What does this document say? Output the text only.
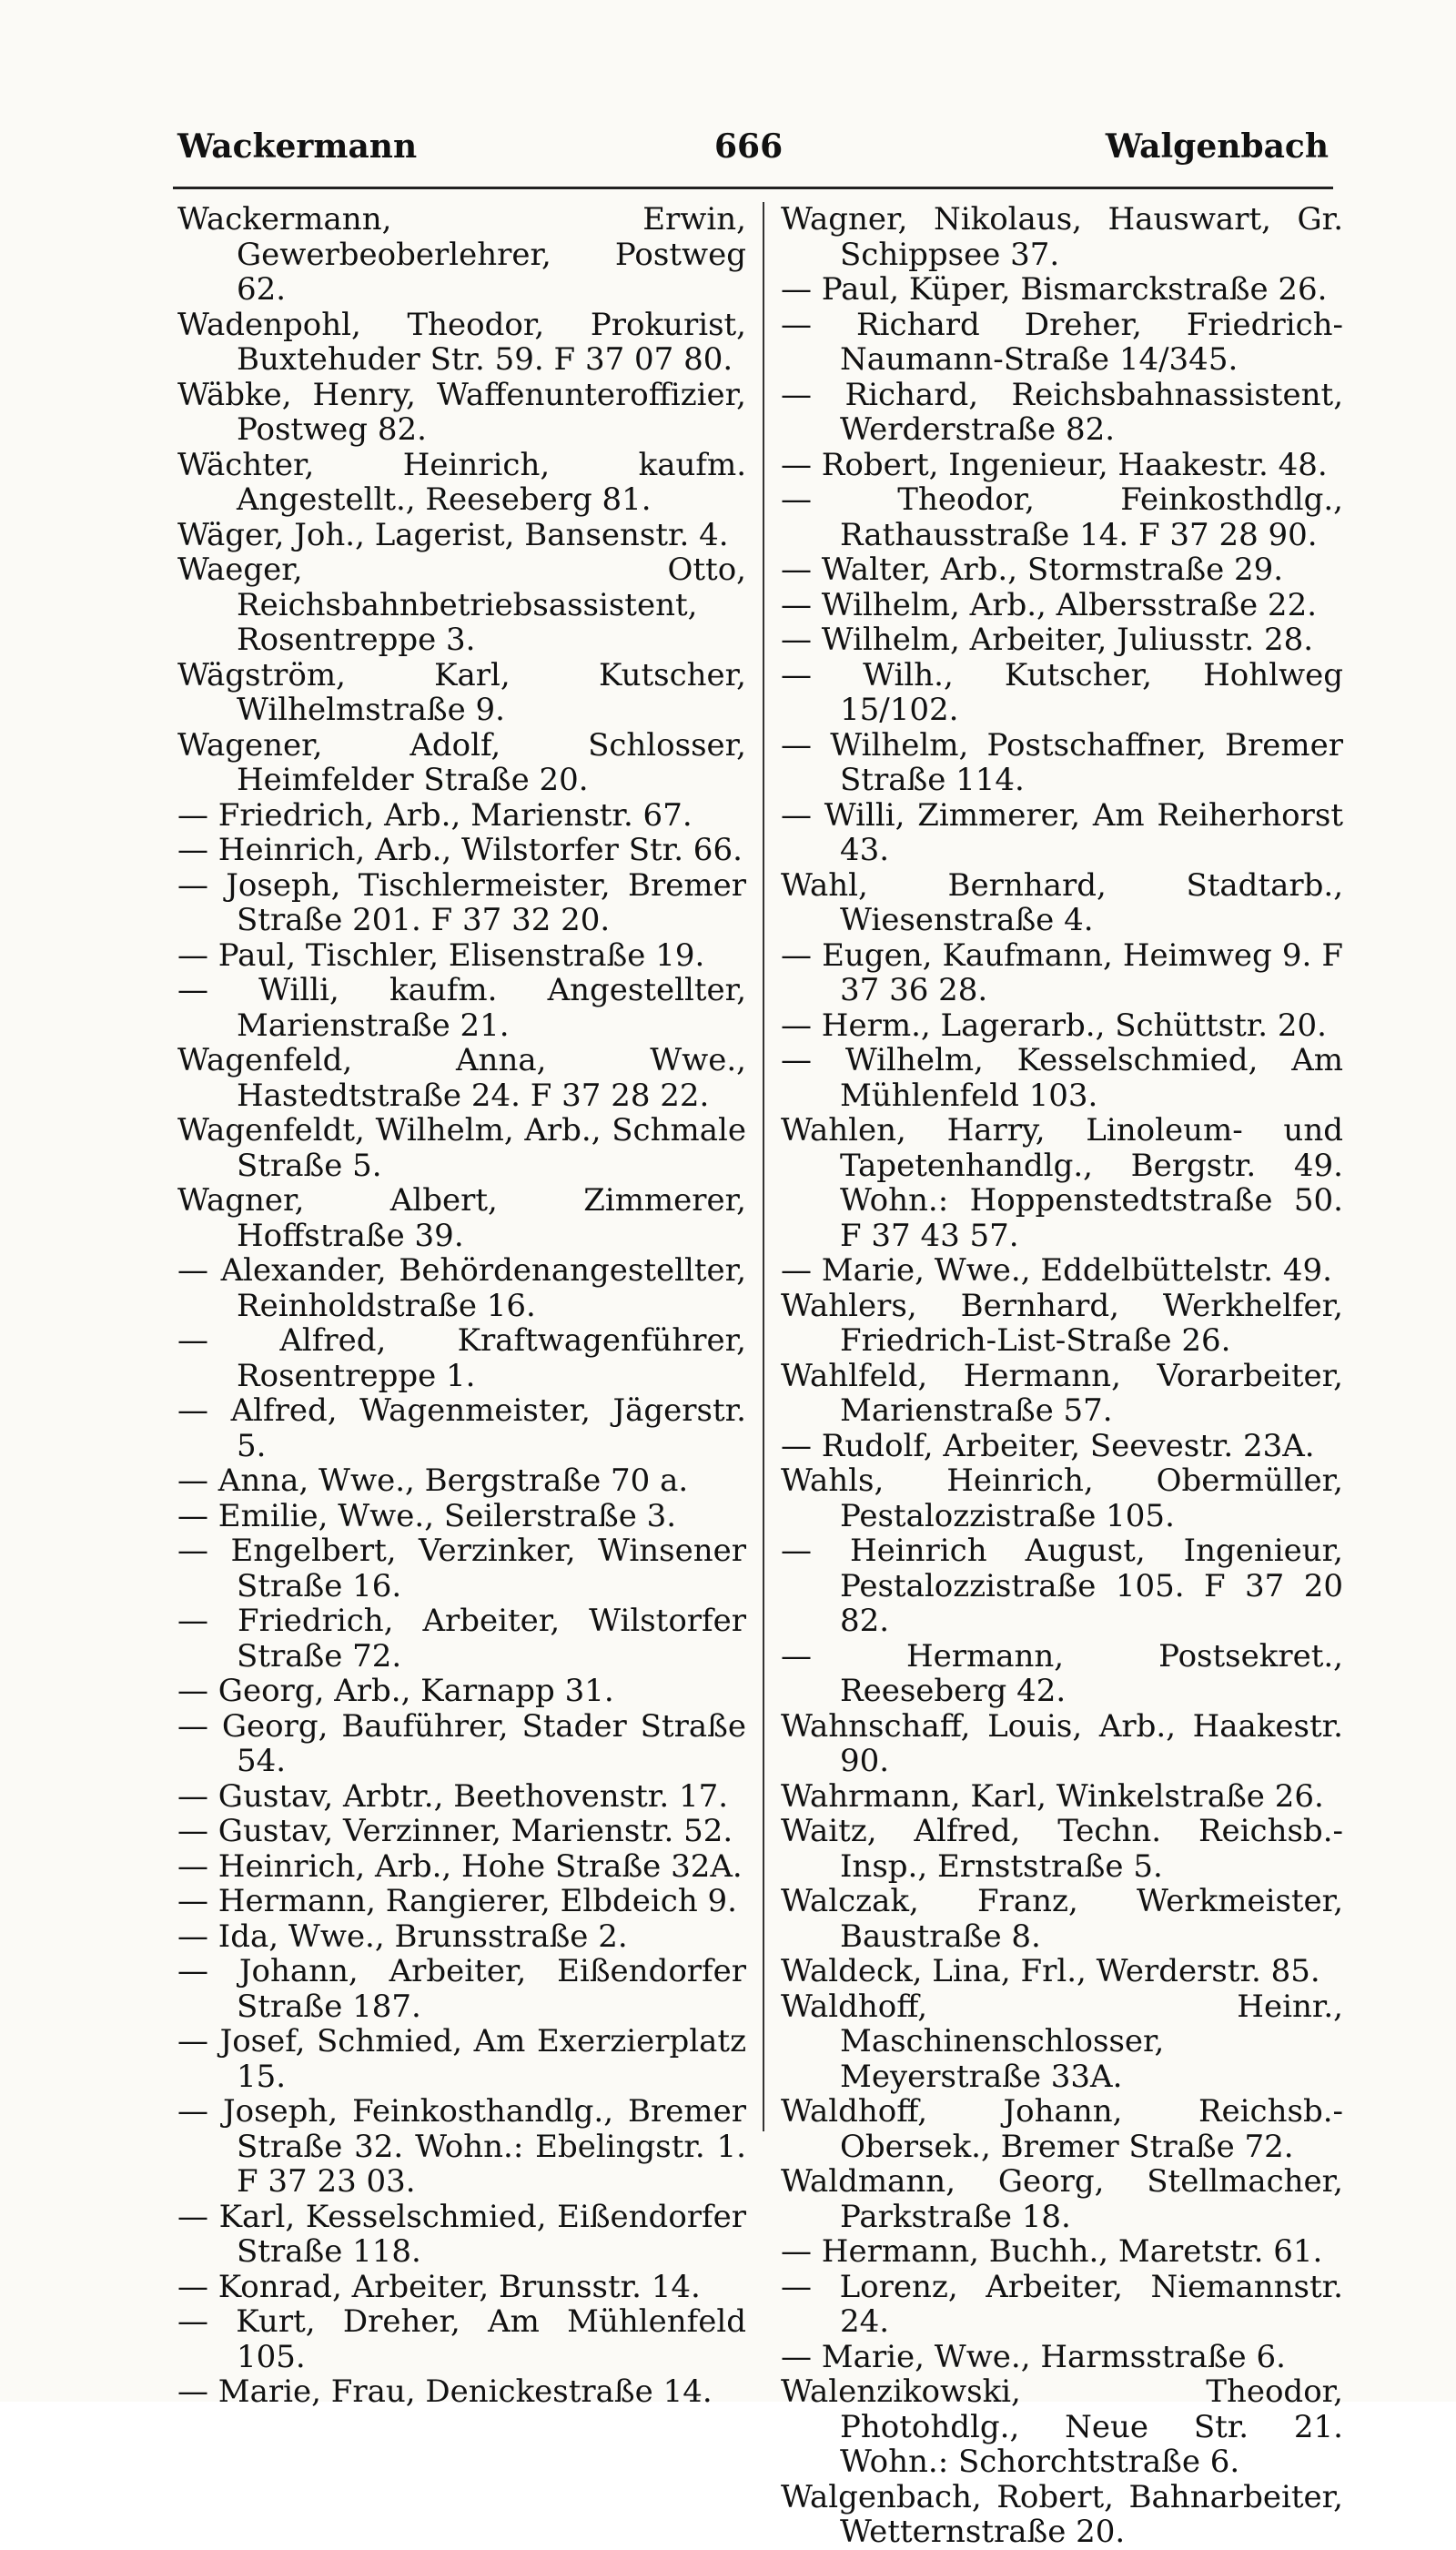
Wackermann	666	Walgenbach

Wackermann, Erwin, Gewerbeoberlehrer, Postweg 62.

Wadenpohl, Theodor, Prokurist, Buxtehuder Str. 59. F 37 07 80.

Wäbke, Henry, Waffenunteroffizier, Postweg 82.

Wächter, Heinrich, kaufm. Angestellt., Reeseberg 81.

Wäger, Joh., Lagerist, Bansenstr. 4.

Waeger, Otto, Reichsbahnbetriebsassistent, Rosentreppe 3.

Wägström, Karl, Kutscher, Wilhelmstraße 9.

Wagener, Adolf, Schlosser, Heimfelder Straße 20.

— Friedrich, Arb., Marienstr. 67.

— Heinrich, Arb., Wilstorfer Str. 66.

— Joseph, Tischlermeister, Bremer Straße 201. F 37 32 20.

— Paul, Tischler, Elisenstraße 19.

— Willi, kaufm. Angestellter, Marienstraße 21.

Wagenfeld, Anna, Wwe., Hastedtstraße 24. F 37 28 22.

Wagenfeldt, Wilhelm, Arb., Schmale Straße 5.

Wagner, Albert, Zimmerer, Hoffstraße 39.

— Alexander, Behördenangestellter, Reinholdstraße 16.

— Alfred, Kraftwagenführer, Rosentreppe 1.

— Alfred, Wagenmeister, Jägerstr. 5.

— Anna, Wwe., Bergstraße 70 a.

— Emilie, Wwe., Seilerstraße 3.

— Engelbert, Verzinker, Winsener Straße 16.

— Friedrich, Arbeiter, Wilstorfer Straße 72.

— Georg, Arb., Karnapp 31.

— Georg, Bauführer, Stader Straße 54.

— Gustav, Arbtr., Beethovenstr. 17.

— Gustav, Verzinner, Marienstr. 52.

— Heinrich, Arb., Hohe Straße 32A.

— Hermann, Rangierer, Elbdeich 9.

— Ida, Wwe., Brunsstraße 2.

— Johann, Arbeiter, Eißendorfer Straße 187.

— Josef, Schmied, Am Exerzierplatz 15.

— Joseph, Feinkosthandlg., Bremer Straße 32. Wohn.: Ebelingstr. 1. F 37 23 03.

— Karl, Kesselschmied, Eißendorfer Straße 118.

— Konrad, Arbeiter, Brunsstr. 14.

— Kurt, Dreher, Am Mühlenfeld 105.

— Marie, Frau, Denickestraße 14.

Wagner, Nikolaus, Hauswart, Gr. Schippsee 37.

— Paul, Küper, Bismarckstraße 26.

— Richard Dreher, Friedrich-Naumann-Straße 14/345.

— Richard, Reichsbahnassistent, Werderstraße 82.

— Robert, Ingenieur, Haakestr. 48.

— Theodor, Feinkosthdlg., Rathausstraße 14. F 37 28 90.

— Walter, Arb., Stormstraße 29.

— Wilhelm, Arb., Albersstraße 22.

— Wilhelm, Arbeiter, Juliusstr. 28.

— Wilh., Kutscher, Hohlweg 15/102.

— Wilhelm, Postschaffner, Bremer Straße 114.

— Willi, Zimmerer, Am Reiherhorst 43.

Wahl, Bernhard, Stadtarb., Wiesenstraße 4.

— Eugen, Kaufmann, Heimweg 9. F 37 36 28.

— Herm., Lagerarb., Schüttstr. 20.

— Wilhelm, Kesselschmied, Am Mühlenfeld 103.

Wahlen, Harry, Linoleum- und Tapetenhandlg., Bergstr. 49. Wohn.: Hoppenstedtstraße 50. F 37 43 57.

— Marie, Wwe., Eddelbüttelstr. 49.

Wahlers, Bernhard, Werkhelfer, Friedrich-List-Straße 26.

Wahlfeld, Hermann, Vorarbeiter, Marienstraße 57.

— Rudolf, Arbeiter, Seevestr. 23A.

Wahls, Heinrich, Obermüller, Pestalozzistraße 105.

— Heinrich August, Ingenieur, Pestalozzistraße 105. F 37 20 82.

— Hermann, Postsekret., Reeseberg 42.

Wahnschaff, Louis, Arb., Haakestr. 90.

Wahrmann, Karl, Winkelstraße 26.

Waitz, Alfred, Techn. Reichsb.-Insp., Ernststraße 5.

Walczak, Franz, Werkmeister, Baustraße 8.

Waldeck, Lina, Frl., Werderstr. 85.

Waldhoff, Heinr., Maschinenschlosser, Meyerstraße 33A.

Waldhoff, Johann, Reichsb.-Obersek., Bremer Straße 72.

Waldmann, Georg, Stellmacher, Parkstraße 18.

— Hermann, Buchh., Maretstr. 61.

— Lorenz, Arbeiter, Niemannstr. 24.

— Marie, Wwe., Harmsstraße 6.

Walenzikowski, Theodor, Photohdlg., Neue Str. 21. Wohn.: Schorchtstraße 6.

Walgenbach, Robert, Bahnarbeiter, Wetternstraße 20.
